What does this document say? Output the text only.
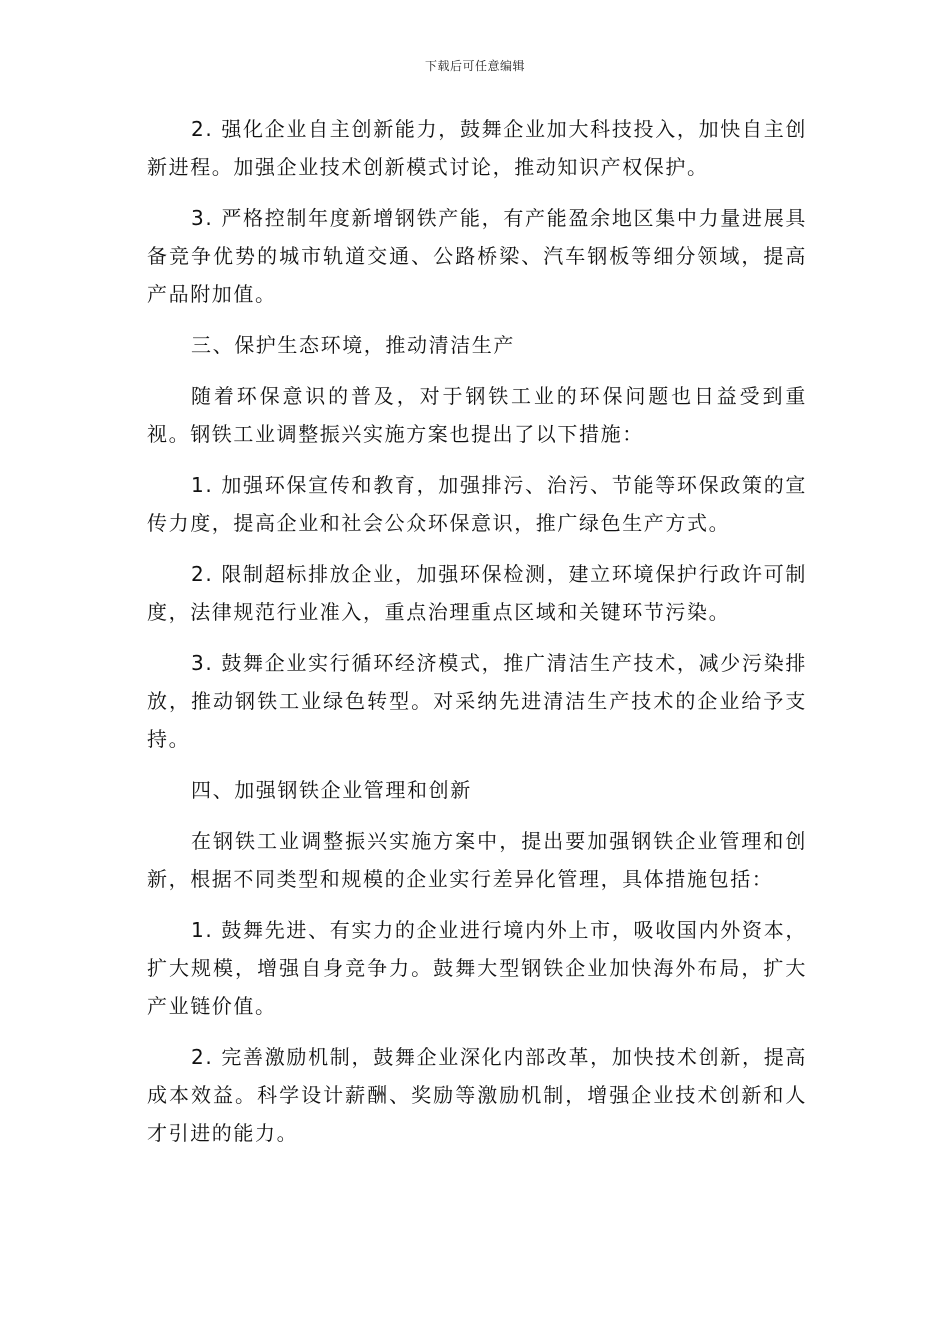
下载后可任意编辑

2. 强化企业自主创新能力，鼓舞企业加大科技投入，加快自主创新进程。加强企业技术创新模式讨论，推动知识产权保护。

3. 严格控制年度新增钢铁产能，有产能盈余地区集中力量进展具备竞争优势的城市轨道交通、公路桥梁、汽车钢板等细分领域，提高产品附加值。

三、保护生态环境，推动清洁生产

随着环保意识的普及，对于钢铁工业的环保问题也日益受到重视。钢铁工业调整振兴实施方案也提出了以下措施：

1. 加强环保宣传和教育，加强排污、治污、节能等环保政策的宣传力度，提高企业和社会公众环保意识，推广绿色生产方式。

2. 限制超标排放企业，加强环保检测，建立环境保护行政许可制度，法律规范行业准入，重点治理重点区域和关键环节污染。

3. 鼓舞企业实行循环经济模式，推广清洁生产技术，减少污染排放，推动钢铁工业绿色转型。对采纳先进清洁生产技术的企业给予支持。

四、加强钢铁企业管理和创新

在钢铁工业调整振兴实施方案中，提出要加强钢铁企业管理和创新，根据不同类型和规模的企业实行差异化管理，具体措施包括：

1. 鼓舞先进、有实力的企业进行境内外上市，吸收国内外资本，扩大规模，增强自身竞争力。鼓舞大型钢铁企业加快海外布局，扩大产业链价值。

2. 完善激励机制，鼓舞企业深化内部改革，加快技术创新，提高成本效益。科学设计薪酬、奖励等激励机制，增强企业技术创新和人才引进的能力。
